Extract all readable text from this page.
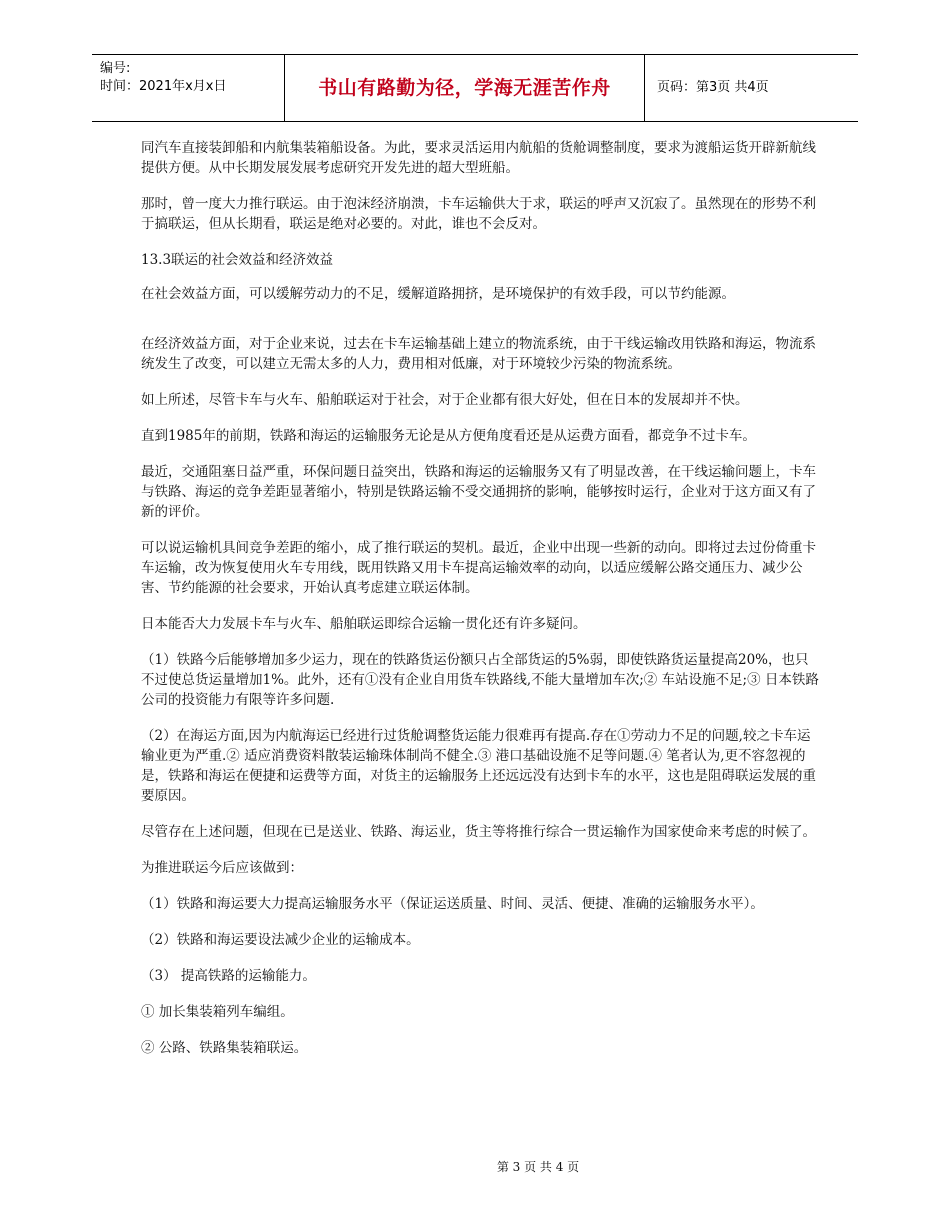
编号:
时间：2021年x月x日	书山有路勤为径，学海无涯苦作舟	页码：第3页 共4页

同汽车直接装卸船和内航集装箱船设备。为此，要求灵活运用内航船的货舱调整制度，要求为渡船运货开辟新航线提供方便。从中长期发展发展考虑研究开发先进的超大型班船。

那时，曾一度大力推行联运。由于泡沫经济崩溃，卡车运输供大于求，联运的呼声又沉寂了。虽然现在的形势不利于搞联运，但从长期看，联运是绝对必要的。对此，谁也不会反对。

13.3联运的社会效益和经济效益

在社会效益方面，可以缓解劳动力的不足，缓解道路拥挤，是环境保护的有效手段，可以节约能源。

在经济效益方面，对于企业来说，过去在卡车运输基础上建立的物流系统，由于干线运输改用铁路和海运，物流系统发生了改变，可以建立无需太多的人力，费用相对低廉，对于环境较少污染的物流系统。

如上所述，尽管卡车与火车、船舶联运对于社会，对于企业都有很大好处，但在日本的发展却并不快。

直到1985年的前期，铁路和海运的运输服务无论是从方便角度看还是从运费方面看，都竞争不过卡车。

最近，交通阻塞日益严重，环保问题日益突出，铁路和海运的运输服务又有了明显改善，在干线运输问题上，卡车与铁路、海运的竞争差距显著缩小，特别是铁路运输不受交通拥挤的影响，能够按时运行，企业对于这方面又有了新的评价。

可以说运输机具间竞争差距的缩小，成了推行联运的契机。最近，企业中出现一些新的动向。即将过去过份倚重卡车运输，改为恢复使用火车专用线，既用铁路又用卡车提高运输效率的动向，以适应缓解公路交通压力、减少公害、节约能源的社会要求，开始认真考虑建立联运体制。

日本能否大力发展卡车与火车、船舶联运即综合运输一贯化还有许多疑问。

（1）铁路今后能够增加多少运力，现在的铁路货运份额只占全部货运的5%弱，即使铁路货运量提高20%，也只不过使总货运量增加1%。此外，还有①没有企业自用货车铁路线,不能大量增加车次;② 车站设施不足;③ 日本铁路公司的投资能力有限等许多问题.

（2）在海运方面,因为内航海运已经进行过货舱调整货运能力很难再有提高.存在①劳动力不足的问题,较之卡车运输业更为严重.② 适应消费资料散装运输珠体制尚不健全.③ 港口基础设施不足等问题.④ 笔者认为,更不容忽视的是，铁路和海运在便捷和运费等方面，对货主的运输服务上还远远没有达到卡车的水平，这也是阻碍联运发展的重要原因。

尽管存在上述问题，但现在已是送业、铁路、海运业，货主等将推行综合一贯运输作为国家使命来考虑的时候了。

为推进联运今后应该做到：

（1）铁路和海运要大力提高运输服务水平（保证运送质量、时间、灵活、便捷、准确的运输服务水平）。

（2）铁路和海运要设法减少企业的运输成本。

（3） 提高铁路的运输能力。

① 加长集装箱列车编组。

② 公路、铁路集装箱联运。

第 3 页 共 4 页
